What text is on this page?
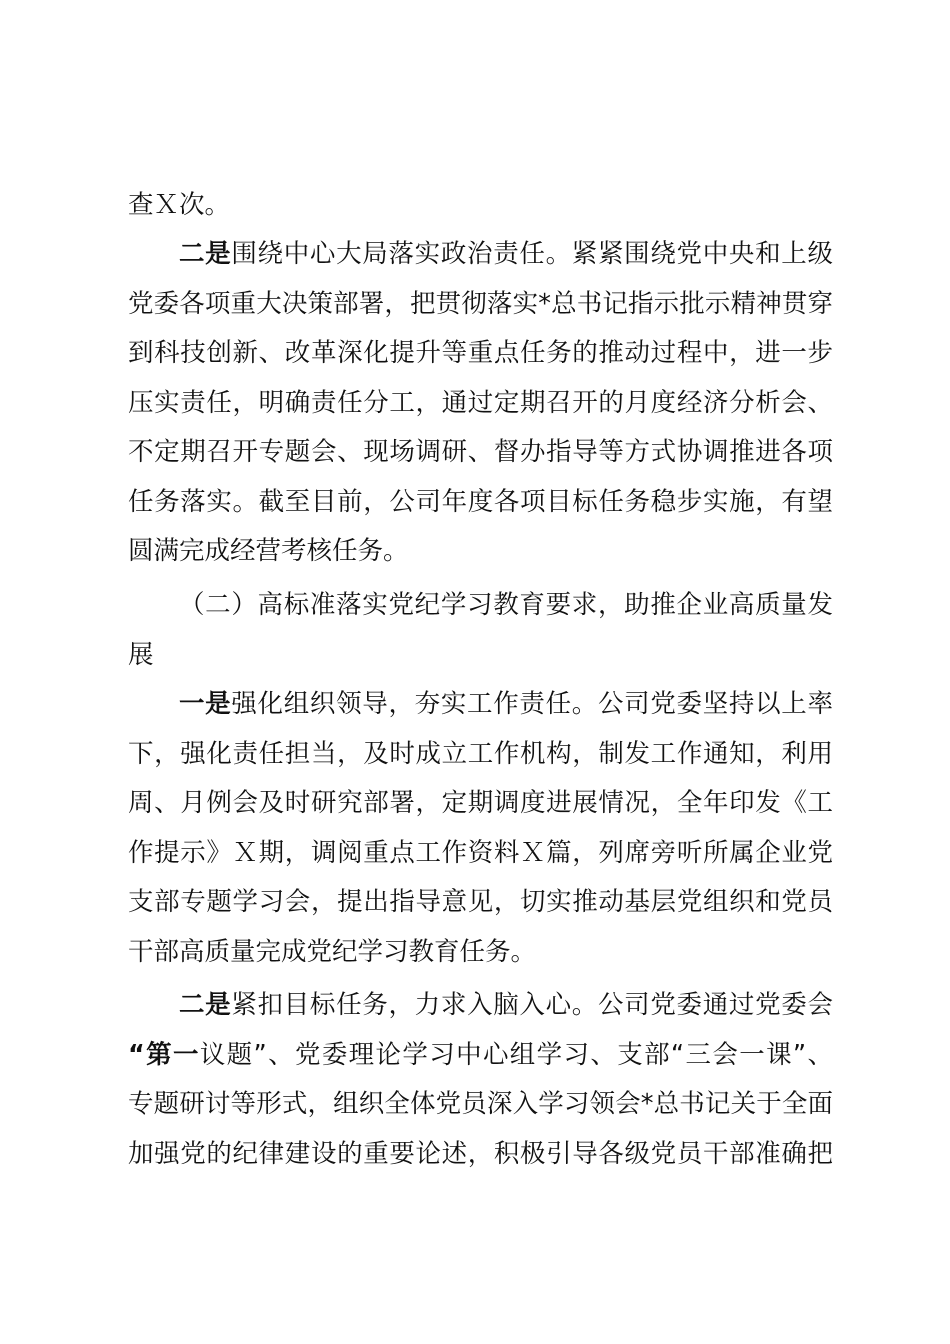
查Ｘ次。
二是围绕中心大局落实政治责任。紧紧围绕党中央和上级
党委各项重大决策部署，把贯彻落实*总书记指示批示精神贯穿
到科技创新、改革深化提升等重点任务的推动过程中，进一步
压实责任，明确责任分工，通过定期召开的月度经济分析会、
不定期召开专题会、现场调研、督办指导等方式协调推进各项
任务落实。截至目前，公司年度各项目标任务稳步实施，有望
圆满完成经营考核任务。
（二）高标准落实党纪学习教育要求，助推企业高质量发
展
一是强化组织领导，夯实工作责任。公司党委坚持以上率
下，强化责任担当，及时成立工作机构，制发工作通知，利用
周、月例会及时研究部署，定期调度进展情况，全年印发《工
作提示》Ｘ期，调阅重点工作资料Ｘ篇，列席旁听所属企业党
支部专题学习会，提出指导意见，切实推动基层党组织和党员
干部高质量完成党纪学习教育任务。
二是紧扣目标任务，力求入脑入心。公司党委通过党委会
“第一议题”、党委理论学习中心组学习、支部“三会一课”、
专题研讨等形式，组织全体党员深入学习领会*总书记关于全面
加强党的纪律建设的重要论述，积极引导各级党员干部准确把
